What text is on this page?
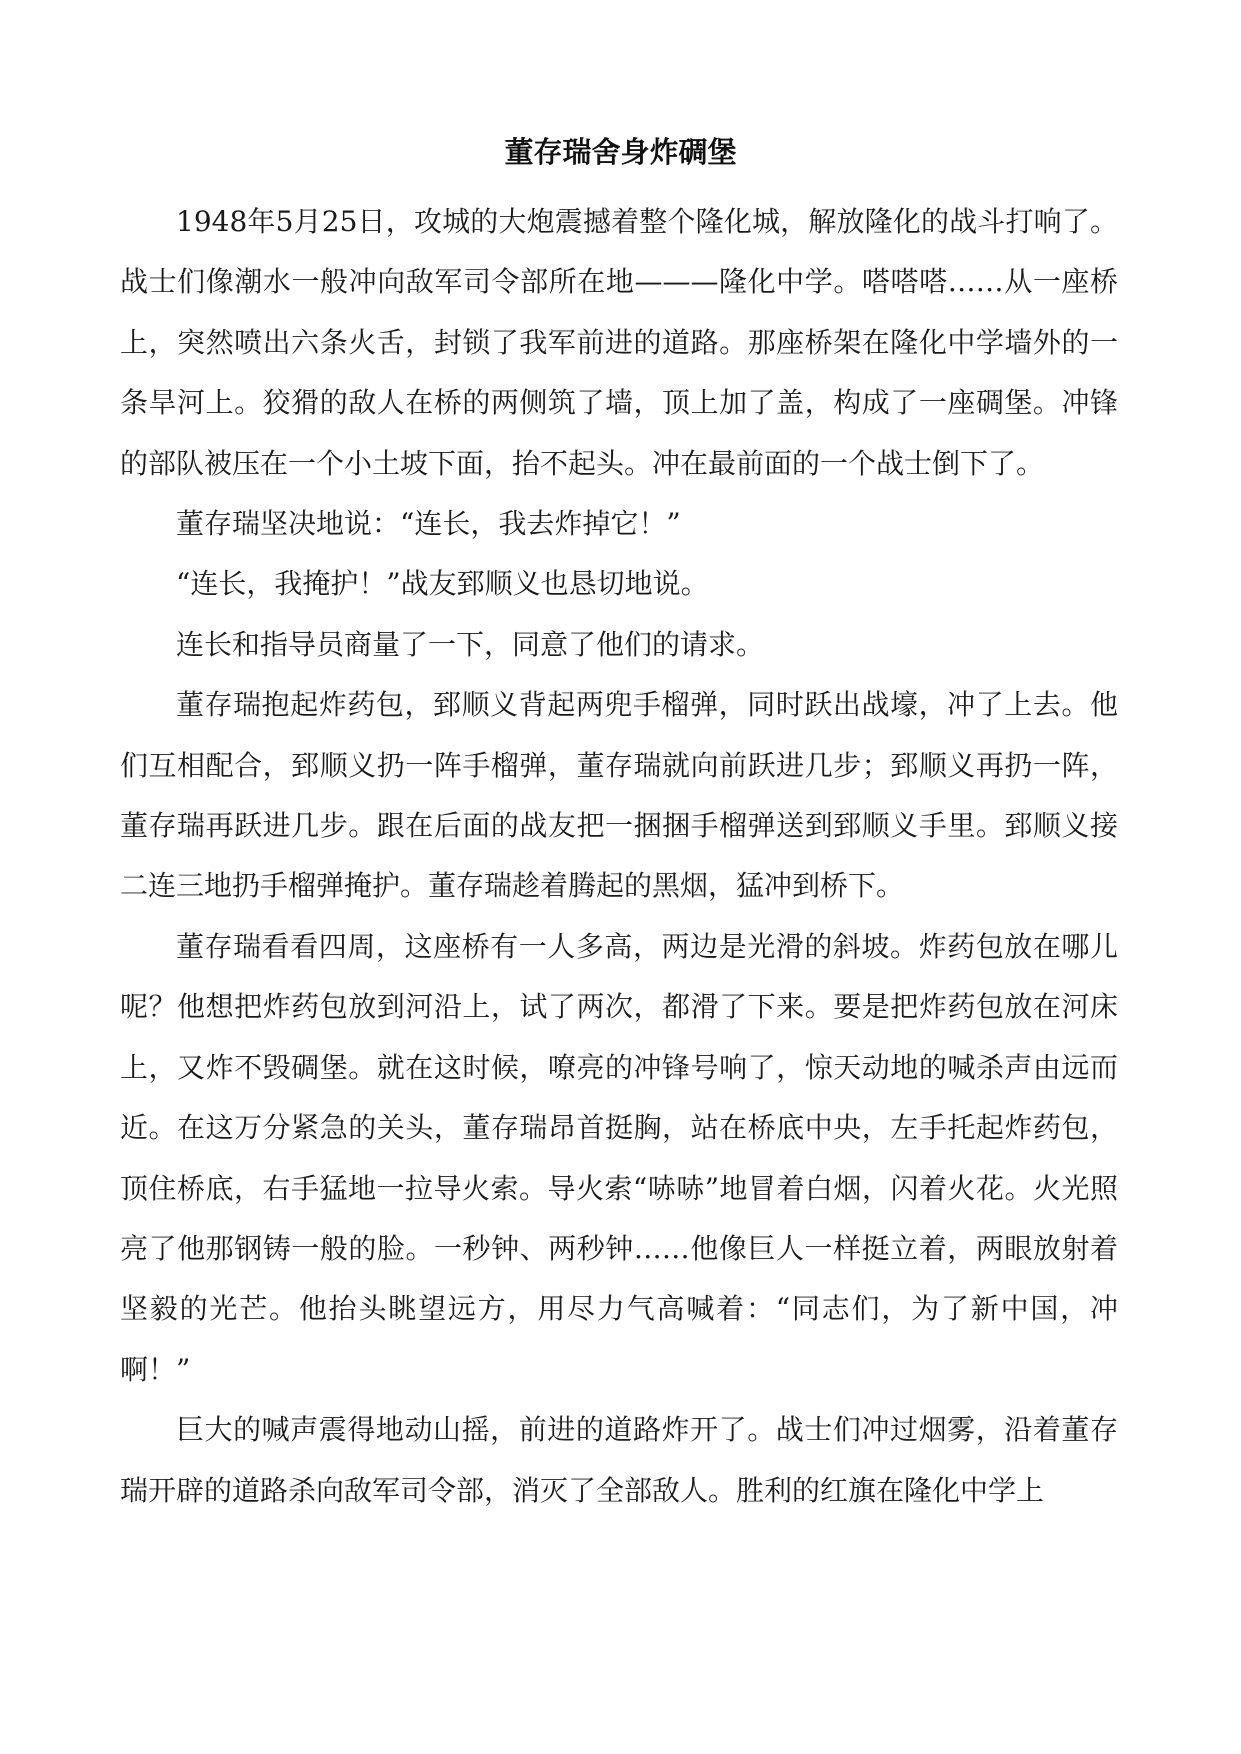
董存瑞舍身炸碉堡

1948年5月25日，攻城的大炮震撼着整个隆化城，解放隆化的战斗打响了。战士们像潮水一般冲向敌军司令部所在地———隆化中学。嗒嗒嗒……从一座桥上，突然喷出六条火舌，封锁了我军前进的道路。那座桥架在隆化中学墙外的一条旱河上。狡猾的敌人在桥的两侧筑了墙，顶上加了盖，构成了一座碉堡。冲锋的部队被压在一个小土坡下面，抬不起头。冲在最前面的一个战士倒下了。

董存瑞坚决地说：“连长，我去炸掉它！”

“连长，我掩护！”战友郅顺义也恳切地说。

连长和指导员商量了一下，同意了他们的请求。

董存瑞抱起炸药包，郅顺义背起两兜手榴弹，同时跃出战壕，冲了上去。他们互相配合，郅顺义扔一阵手榴弹，董存瑞就向前跃进几步；郅顺义再扔一阵，董存瑞再跃进几步。跟在后面的战友把一捆捆手榴弹送到郅顺义手里。郅顺义接二连三地扔手榴弹掩护。董存瑞趁着腾起的黑烟，猛冲到桥下。

董存瑞看看四周，这座桥有一人多高，两边是光滑的斜坡。炸药包放在哪儿呢？他想把炸药包放到河沿上，试了两次，都滑了下来。要是把炸药包放在河床上，又炸不毁碉堡。就在这时候，嘹亮的冲锋号响了，惊天动地的喊杀声由远而近。在这万分紧急的关头，董存瑞昂首挺胸，站在桥底中央，左手托起炸药包，顶住桥底，右手猛地一拉导火索。导火索“哧哧”地冒着白烟，闪着火花。火光照亮了他那钢铸一般的脸。一秒钟、两秒钟……他像巨人一样挺立着，两眼放射着坚毅的光芒。他抬头眺望远方，用尽力气高喊着：“同志们，为了新中国，冲啊！”

巨大的喊声震得地动山摇，前进的道路炸开了。战士们冲过烟雾，沿着董存瑞开辟的道路杀向敌军司令部，消灭了全部敌人。胜利的红旗在隆化中学上
